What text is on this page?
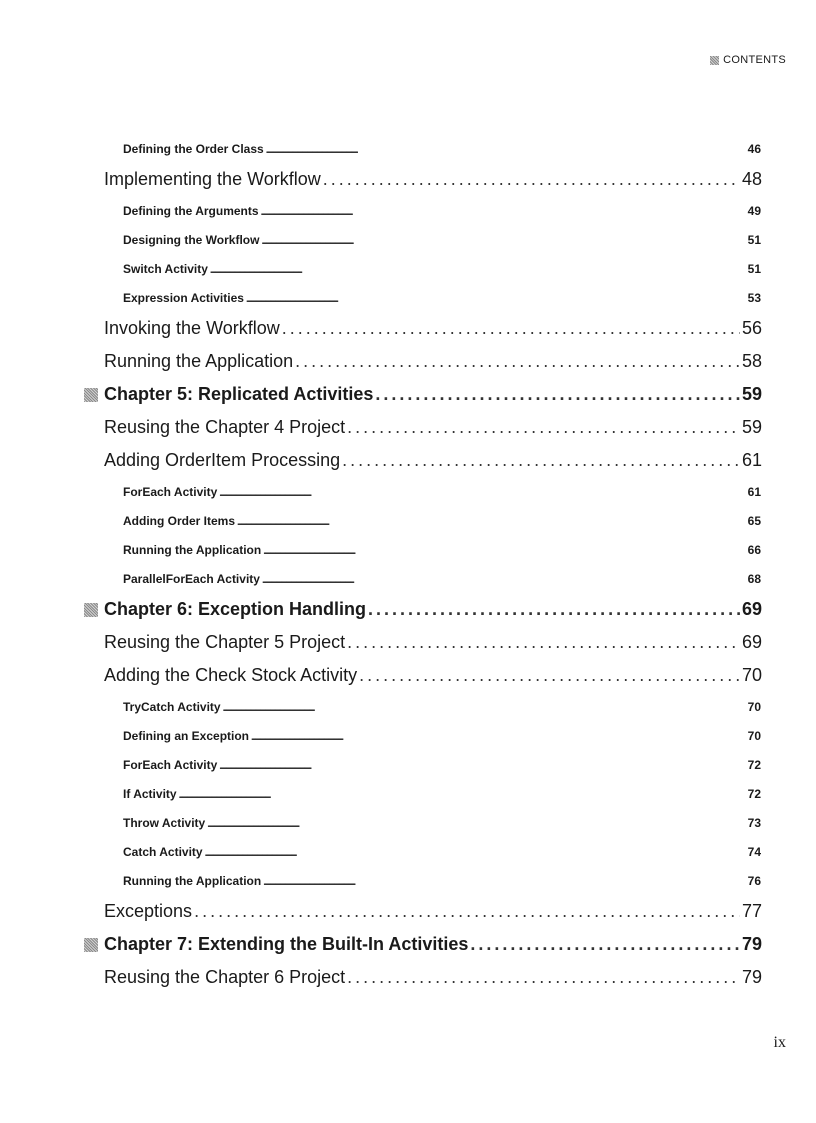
CONTENTS
Defining the Order Class . . .	46
Implementing the Workflow . . .	48
Defining the Arguments . . .	49
Designing the Workflow . . .	51
Switch Activity . . .	51
Expression Activities . . .	53
Invoking the Workflow . . .	56
Running the Application . . .	58
Chapter 5: Replicated Activities . . .	59
Reusing the Chapter 4 Project . . .	59
Adding OrderItem Processing . . .	61
ForEach Activity . . .	61
Adding Order Items . . .	65
Running the Application . . .	66
ParallelForEach Activity . . .	68
Chapter 6: Exception Handling . . .	69
Reusing the Chapter 5 Project . . .	69
Adding the Check Stock Activity . . .	70
TryCatch Activity . . .	70
Defining an Exception . . .	70
ForEach Activity . . .	72
If Activity . . .	72
Throw Activity . . .	73
Catch Activity . . .	74
Running the Application . . .	76
Exceptions . . .	77
Chapter 7: Extending the Built-In Activities . . .	79
Reusing the Chapter 6 Project . . .	79
ix
